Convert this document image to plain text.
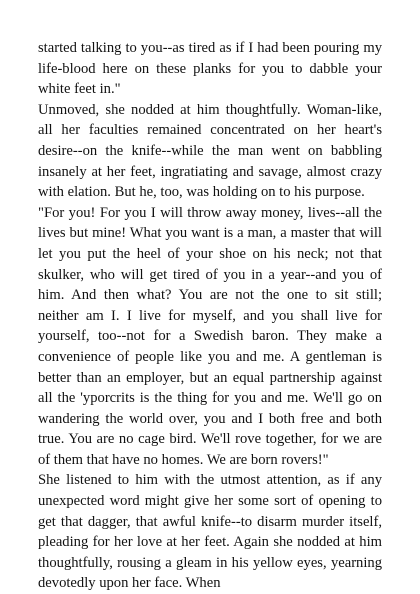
started talking to you--as tired as if I had been pouring my life-blood here on these planks for you to dabble your white feet in."

Unmoved, she nodded at him thoughtfully. Woman-like, all her faculties remained concentrated on her heart's desire--on the knife--while the man went on babbling insanely at her feet, ingratiating and savage, almost crazy with elation. But he, too, was holding on to his purpose.

"For you! For you I will throw away money, lives--all the lives but mine! What you want is a man, a master that will let you put the heel of your shoe on his neck; not that skulker, who will get tired of you in a year--and you of him. And then what? You are not the one to sit still; neither am I. I live for myself, and you shall live for yourself, too--not for a Swedish baron. They make a convenience of people like you and me. A gentleman is better than an employer, but an equal partnership against all the 'yporcrits is the thing for you and me. We'll go on wandering the world over, you and I both free and both true. You are no cage bird. We'll rove together, for we are of them that have no homes. We are born rovers!"

She listened to him with the utmost attention, as if any unexpected word might give her some sort of opening to get that dagger, that awful knife--to disarm murder itself, pleading for her love at her feet. Again she nodded at him thoughtfully, rousing a gleam in his yellow eyes, yearning devotedly upon her face. When
